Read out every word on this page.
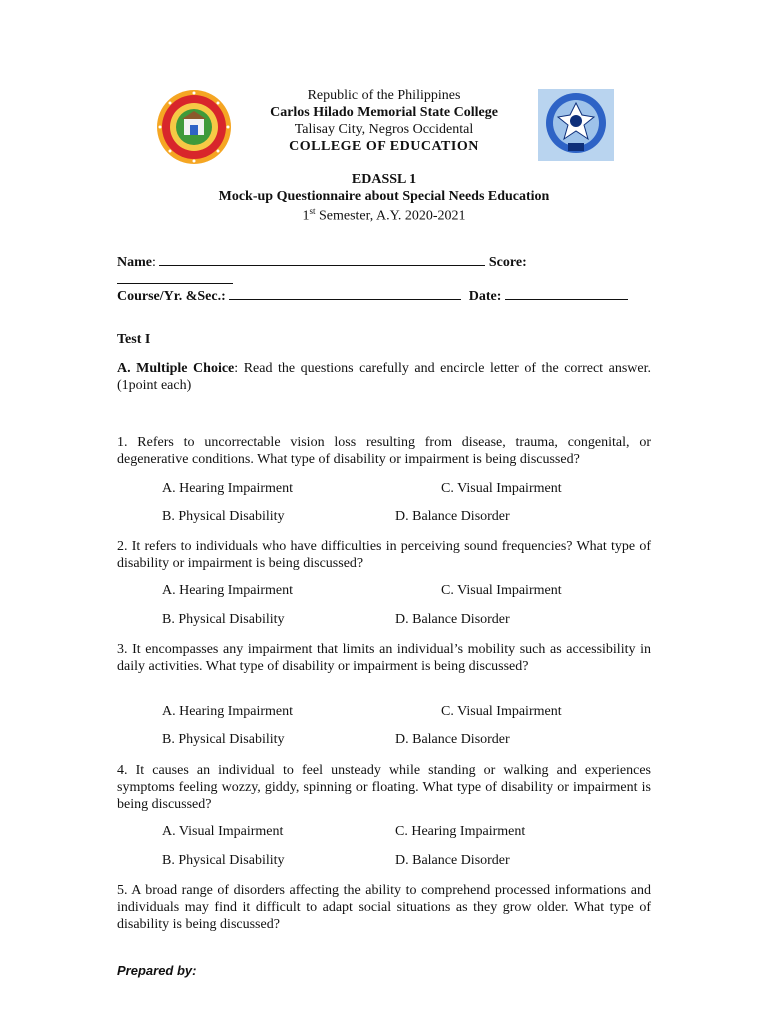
Republic of the Philippines
Carlos Hilado Memorial State College
Talisay City, Negros Occidental
COLLEGE OF EDUCATION
EDASSL 1
Mock-up Questionnaire about Special Needs Education
1st Semester, A.Y. 2020-2021
Name:	Score:
Course/Yr. &Sec.:	Date:
Test I
A. Multiple Choice: Read the questions carefully and encircle letter of the correct answer. (1point each)
1. Refers to uncorrectable vision loss resulting from disease, trauma, congenital, or degenerative conditions. What type of disability or impairment is being discussed?
A. Hearing Impairment	C. Visual Impairment
B. Physical Disability	D. Balance Disorder
2. It refers to individuals who have difficulties in perceiving sound frequencies? What type of disability or impairment is being discussed?
A. Hearing Impairment	C. Visual Impairment
B. Physical Disability	D. Balance Disorder
3. It encompasses any impairment that limits an individual’s mobility such as accessibility in daily activities. What type of disability or impairment is being discussed?
A. Hearing Impairment	C. Visual Impairment
B. Physical Disability	D. Balance Disorder
4. It causes an individual to feel unsteady while standing or walking and experiences symptoms feeling wozzy, giddy, spinning or floating. What type of disability or impairment is being discussed?
A. Visual Impairment	C. Hearing Impairment
B. Physical Disability	D. Balance Disorder
5. A broad range of disorders affecting the ability to comprehend processed informations and individuals may find it difficult to adapt social situations as they grow older. What type of disability is being discussed?
Prepared by:
